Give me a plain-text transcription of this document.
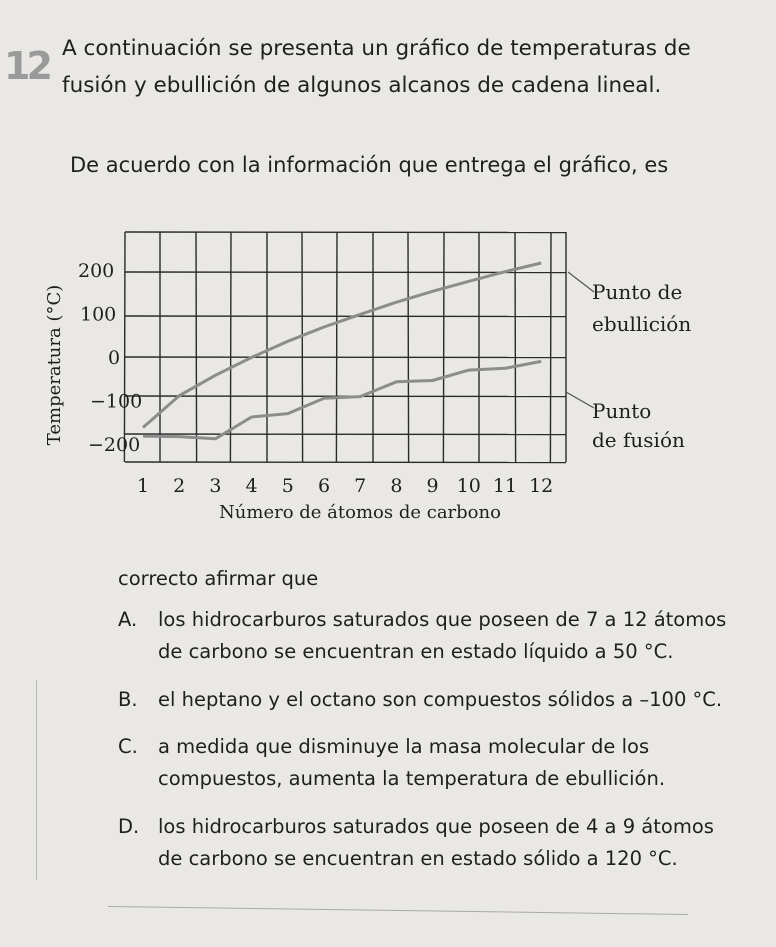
12 A continuación se presenta un gráfico de temperaturas de fusión y ebullición de algunos alcanos de cadena lineal.

De acuerdo con la información que entrega el gráfico, es

200
100
0
−100
−200
1 2 3 4 5 6 7 8 9 10 11 12
Número de átomos de carbono
Temperatura (°C)	Punto de ebullición
Punto de fusión

correcto afirmar que

A. los hidrocarburos saturados que poseen de 7 a 12 átomos de carbono se encuentran en estado líquido a 50 °C.

B. el heptano y el octano son compuestos sólidos a –100 °C.

C. a medida que disminuye la masa molecular de los compuestos, aumenta la temperatura de ebullición.

D. los hidrocarburos saturados que poseen de 4 a 9 átomos de carbono se encuentran en estado sólido a 120 °C.
